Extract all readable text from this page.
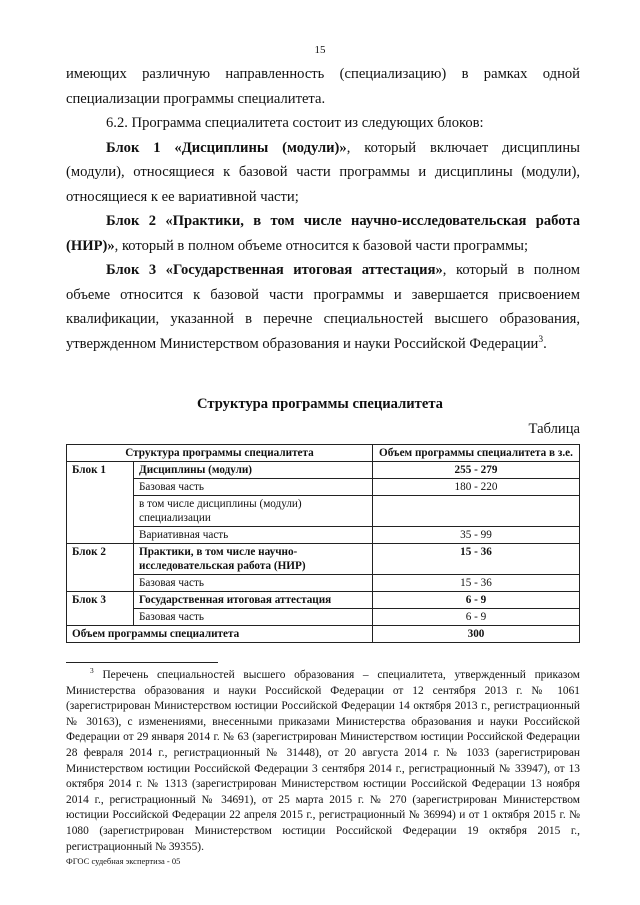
15

имеющих различную направленность (специализацию) в рамках одной

специализации программы специалитета.

6.2. Программа специалитета состоит из следующих блоков:

Блок 1 «Дисциплины (модули)», который включает дисциплины (модули), относящиеся к базовой части программы и дисциплины (модули), относящиеся к ее вариативной части;

Блок 2 «Практики, в том числе научно-исследовательская работа (НИР)», который в полном объеме относится к базовой части программы;

Блок 3 «Государственная итоговая аттестация», который в полном объеме относится к базовой части программы и завершается присвоением квалификации, указанной в перечне специальностей высшего образования, утвержденном Министерством образования и науки Российской Федерации$^3$.

Структура программы специалитета
Таблица
Структура программы специалитета		Объем программы специалитета в з.е.
Блок 1	Дисциплины (модули)	255 - 279
	Базовая часть	180 - 220
	в том числе дисциплины (модули) специализации	
	Вариативная часть	35 - 99
Блок 2	Практики, в том числе научно-исследовательская работа (НИР)	15 - 36
	Базовая часть	15 - 36
Блок 3	Государственная итоговая аттестация	6 - 9
	Базовая часть	6 - 9
Объем программы специалитета		300
$^3$ Перечень специальностей высшего образования – специалитета, утвержденный приказом Министерства образования и науки Российской Федерации от 12 сентября 2013 г. № 1061 (зарегистрирован Министерством юстиции Российской Федерации 14 октября 2013 г., регистрационный № 30163), с изменениями, внесенными приказами Министерства образования и науки Российской Федерации от 29 января 2014 г. № 63 (зарегистрирован Министерством юстиции Российской Федерации 28 февраля 2014 г., регистрационный № 31448), от 20 августа 2014 г. № 1033 (зарегистрирован Министерством юстиции Российской Федерации 3 сентября 2014 г., регистрационный № 33947), от 13 октября 2014 г. № 1313 (зарегистрирован Министерством юстиции Российской Федерации 13 ноября 2014 г., регистрационный № 34691), от 25 марта 2015 г. № 270 (зарегистрирован Министерством юстиции Российской Федерации 22 апреля 2015 г., регистрационный № 36994) и от 1 октября 2015 г. № 1080 (зарегистрирован Министерством юстиции Российской Федерации 19 октября 2015 г., регистрационный № 39355).
ФГОС судебная экспертиза - 05
